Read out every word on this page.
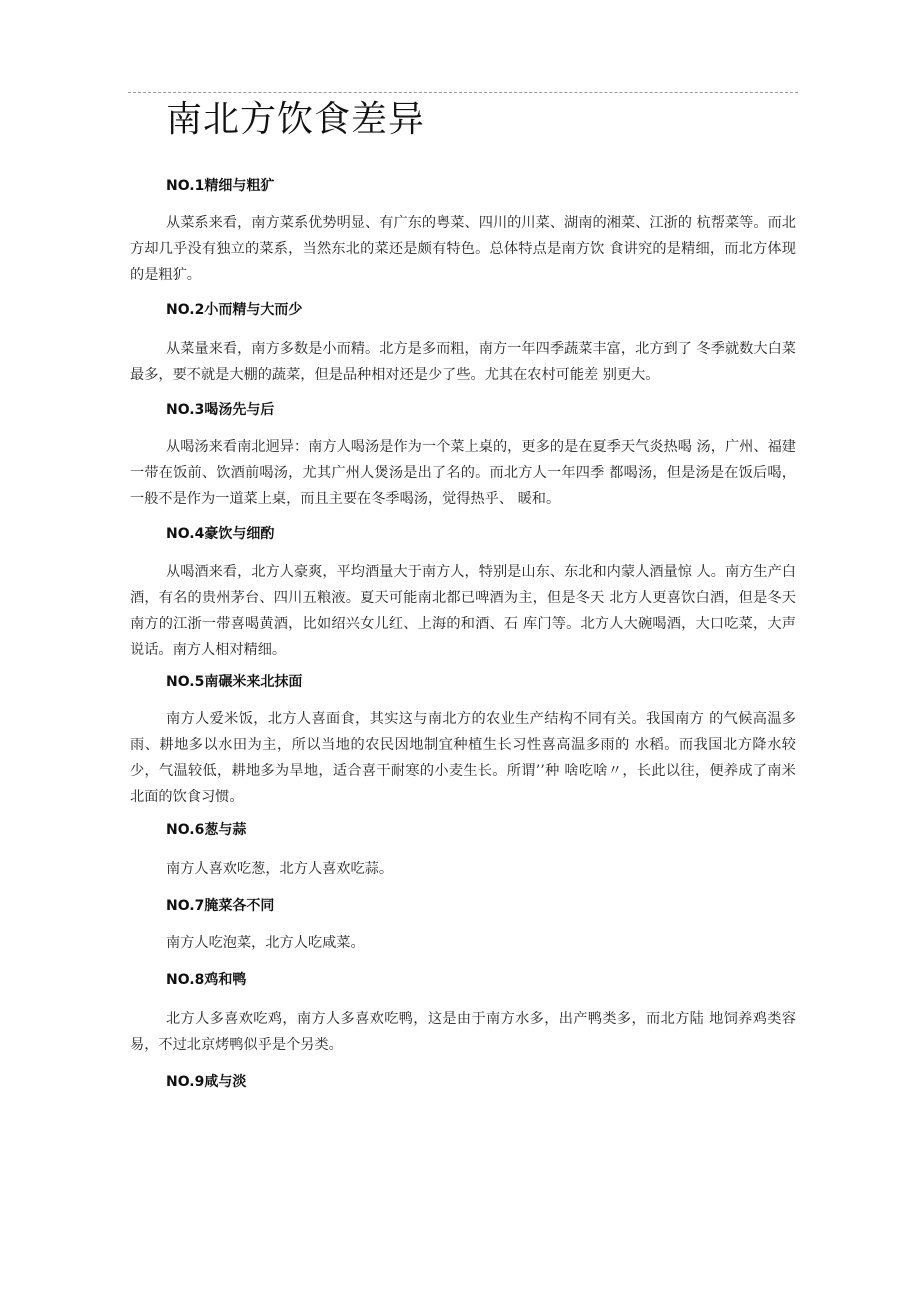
南北方饮食差异
NO.1精细与粗犷

从菜系来看，南方菜系优势明显、有广东的粤菜、四川的川菜、湖南的湘菜、江浙的 杭帮菜等。而北方却几乎没有独立的菜系，当然东北的菜还是颇有特色。总体特点是南方饮 食讲究的是精细，而北方体现的是粗犷。

NO.2小而精与大而少

从菜量来看，南方多数是小而精。北方是多而粗，南方一年四季蔬菜丰富，北方到了 冬季就数大白菜最多，要不就是大棚的蔬菜，但是品种相对还是少了些。尤其在农村可能差 别更大。

NO.3喝汤先与后

从喝汤来看南北迥异：南方人喝汤是作为一个菜上桌的，更多的是在夏季天气炎热喝 汤，广州、福建一带在饭前、饮酒前喝汤，尤其广州人煲汤是出了名的。而北方人一年四季 都喝汤，但是汤是在饭后喝，一般不是作为一道菜上桌，而且主要在冬季喝汤，觉得热乎、 暖和。

NO.4豪饮与细酌

从喝酒来看，北方人豪爽，平均酒量大于南方人，特别是山东、东北和内蒙人酒量惊 人。南方生产白酒，有名的贵州茅台、四川五粮液。夏天可能南北都已啤酒为主，但是冬天 北方人更喜饮白酒，但是冬天南方的江浙一带喜喝黄酒，比如绍兴女儿红、上海的和酒、石 库门等。北方人大碗喝酒，大口吃菜，大声说话。南方人相对精细。

NO.5南碾米来北抹面

南方人爱米饭，北方人喜面食，其实这与南北方的农业生产结构不同有关。我国南方 的气候高温多雨、耕地多以水田为主，所以当地的农民因地制宜种植生长习性喜高温多雨的 水稻。而我国北方降水较少，气温较低，耕地多为旱地，适合喜干耐寒的小麦生长。所谓’’种 啥吃啥〃，长此以往，便养成了南米北面的饮食习惯。

NO.6葱与蒜

南方人喜欢吃葱，北方人喜欢吃蒜。

NO.7腌菜各不同

南方人吃泡菜，北方人吃咸菜。

NO.8鸡和鸭

北方人多喜欢吃鸡，南方人多喜欢吃鸭，这是由于南方水多，出产鸭类多，而北方陆 地饲养鸡类容易，不过北京烤鸭似乎是个另类。

NO.9咸与淡
